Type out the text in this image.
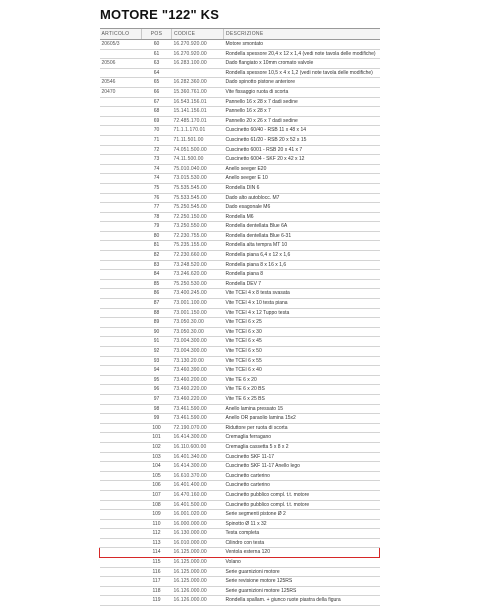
MOTORE "122" KS
ARTICOLO	POS	CODICE	DESCRIZIONE
20605/3	60	16.270.920.00	Motore smontato
	61	16.270.920.00	Rondella spessore 20,4 x 12 x 1,4 (vedi note tavola delle modifiche)
20506	63	16.283.100.00	Dado flangiato x 10mm cromato valvole
	64		Rondella spessore 10,5 x 4 x 1,2 (vedi note tavola delle modifiche)
20546	65	16.282.360.00	Dado spinotto pistone anteriore
20470	66	15.360.761.00	Vite fissaggio ruota di scorta
	67	16.543.156.01	Pannello 16 x 28 x 7 dadi sedine
	68	15.141.156.01	Pannello 16 x 28 x 7
	69	72.485.170.01	Pannello 20 x 26 x 7 dadi sedine
	70	71.1.1.170.01	Cuscinetto 60/40 - RSB 11 x 48 x 14
	71	71.11.501.00	Cuscinetto 61/20 - RSB 20 x 52 x 15
	72	74.051.500.00	Cuscinetto 6001 - RSB 20 x 41 x 7
	73	74.11.500.00	Cuscinetto 6004 - SKF 20 x 42 x 12
	74	75.010.040.00	Anello seeger E20
	74	73.015.530.00	Anello seeger E 10
	75	75.535.545.00	Rondella DIN 6
	76	75.533.545.00	Dado alto autoblocc. M7
	77	75.250.545.00	Dado esagonale M6
	78	72.250.150.00	Rondella M6
	79	73.250.550.00	Rondella dentellata Blue 6A
	80	72.230.755.00	Rondella dentellata Blue 6-31
	81	75.235.155.00	Rondella alta tempra MT 10
	82	72.230.660.00	Rondella piana 6,4 x 12 x 1,6
	83	73.248.520.00	Rondella piana 8 x 16 x 1,6
	84	73.246.620.00	Rondella piana 8
	85	75.250.530.00	Rondella DEV 7
	86	73.400.245.00	Vite TCEI 4 x 8 testa svasata
	87	73.001.100.00	Vite TCEI 4 x 10 testa piana
	88	73.001.150.00	Vite TCEI 4 x 12 Tuppo testa
	89	73.050.30.00	Vite TCEI 6 x 25
	90	73.050.30.00	Vite TCEI 6 x 30
	91	73.004.300.00	Vite TCEI 6 x 45
	92	73.004.300.00	Vite TCEI 6 x 50
	93	73.130.20.00	Vite TCEI 6 x 55
	94	73.460.390.00	Vite TCEI 6 x 40
	95	73.460.200.00	Vite TE 6 x 20
	96	73.460.220.00	Vite TE 6 x 20 BS
	97	73.460.220.00	Vite TE 6 x 25 BS
	98	73.461.590.00	Anello lamina pressato 15
	99	73.461.590.00	Anello OR paraolio lamina 15x2
	100	72.190.070.00	Riduttore per ruota di scorta
	101	16.414.300.00	Cremaglia ferragano
	102	16.110.600.00	Cremaglia cassetta 5 x 8 x 2
	103	16.401.340.00	Cuscinetto SKF 11-17
	104	16.414.300.00	Cuscinetto SKF 11-17 Anello lego
	105	16.610.370.00	Cuscinetto carterino
	106	16.401.400.00	Cuscinetto carterino
	107	16.470.160.00	Cuscinetto pubblico compl. t.t. motore
	108	16.401.500.00	Cuscinetto pubblico compl. t.t. motore
	109	16.001.020.00	Serie segmenti pistone Ø 2
	110	16.000.000.00	Spinotto Ø 11 x 32
	112	16.130.000.00	Testa completa
	113	16.010.000.00	Cilindro con testa
	114	16.125.000.00	Ventola esterna 120
	115	16.125.000.00	Volano
	116	16.125.000.00	Serie guarnizioni motore
	117	16.125.000.00	Serie revisione motore 125RS
	118	16.126.000.00	Serie guarnizioni motore 125RS
	119	16.126.000.00	Rondella spallam. + giunco ruote piastra della figura
